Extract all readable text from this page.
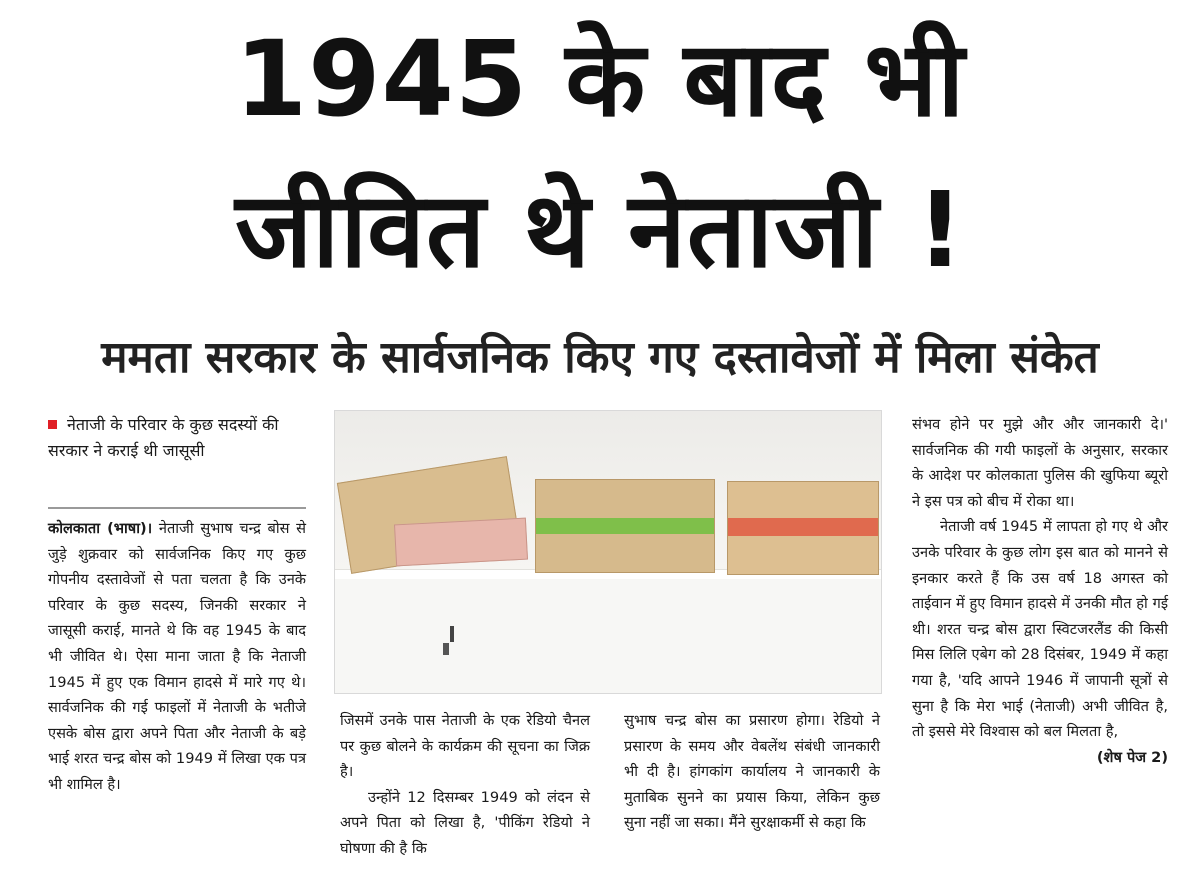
1945 के बाद भी
जीवित थे नेताजी !
ममता सरकार के सार्वजनिक किए गए दस्तावेजों में मिला संकेत
नेताजी के परिवार के कुछ सदस्यों की सरकार ने कराई थी जासूसी

कोलकाता (भाषा)। नेताजी सुभाष चन्द्र बोस से जुड़े शुक्रवार को सार्वजनिक किए गए कुछ गोपनीय दस्तावेजों से पता चलता है कि उनके परिवार के कुछ सदस्य, जिनकी सरकार ने जासूसी कराई, मानते थे कि वह 1945 के बाद भी जीवित थे। ऐसा माना जाता है कि नेताजी 1945 में हुए एक विमान हादसे में मारे गए थे। सार्वजनिक की गई फाइलों में नेताजी के भतीजे एसके बोस द्वारा अपने पिता और नेताजी के बड़े भाई शरत चन्द्र बोस को 1949 में लिखा एक पत्र भी शामिल है।

जिसमें उनके पास नेताजी के एक रेडियो चैनल पर कुछ बोलने के कार्यक्रम की सूचना का जिक्र है।

उन्होंने 12 दिसम्बर 1949 को लंदन से अपने पिता को लिखा है, 'पीकिंग रेडियो ने घोषणा की है कि

सुभाष चन्द्र बोस का प्रसारण होगा। रेडियो ने प्रसारण के समय और वेबलेंथ संबंधी जानकारी भी दी है। हांगकांग कार्यालय ने जानकारी के मुताबिक सुनने का प्रयास किया, लेकिन कुछ सुना नहीं जा सका। मैंने सुरक्षाकर्मी से कहा कि

संभव होने पर मुझे और और जानकारी दे।' सार्वजनिक की गयी फाइलों के अनुसार, सरकार के आदेश पर कोलकाता पुलिस की खुफिया ब्यूरो ने इस पत्र को बीच में रोका था।

नेताजी वर्ष 1945 में लापता हो गए थे और उनके परिवार के कुछ लोग इस बात को मानने से इनकार करते हैं कि उस वर्ष 18 अगस्त को ताईवान में हुए विमान हादसे में उनकी मौत हो गई थी। शरत चन्द्र बोस द्वारा स्विटजरलैंड की किसी मिस लिलि एबेग को 28 दिसंबर, 1949 में कहा गया है, 'यदि आपने 1946 में जापानी सूत्रों से सुना है कि मेरा भाई (नेताजी) अभी जीवित है, तो इससे मेरे विश्वास को बल मिलता है,

(शेष पेज 2)
